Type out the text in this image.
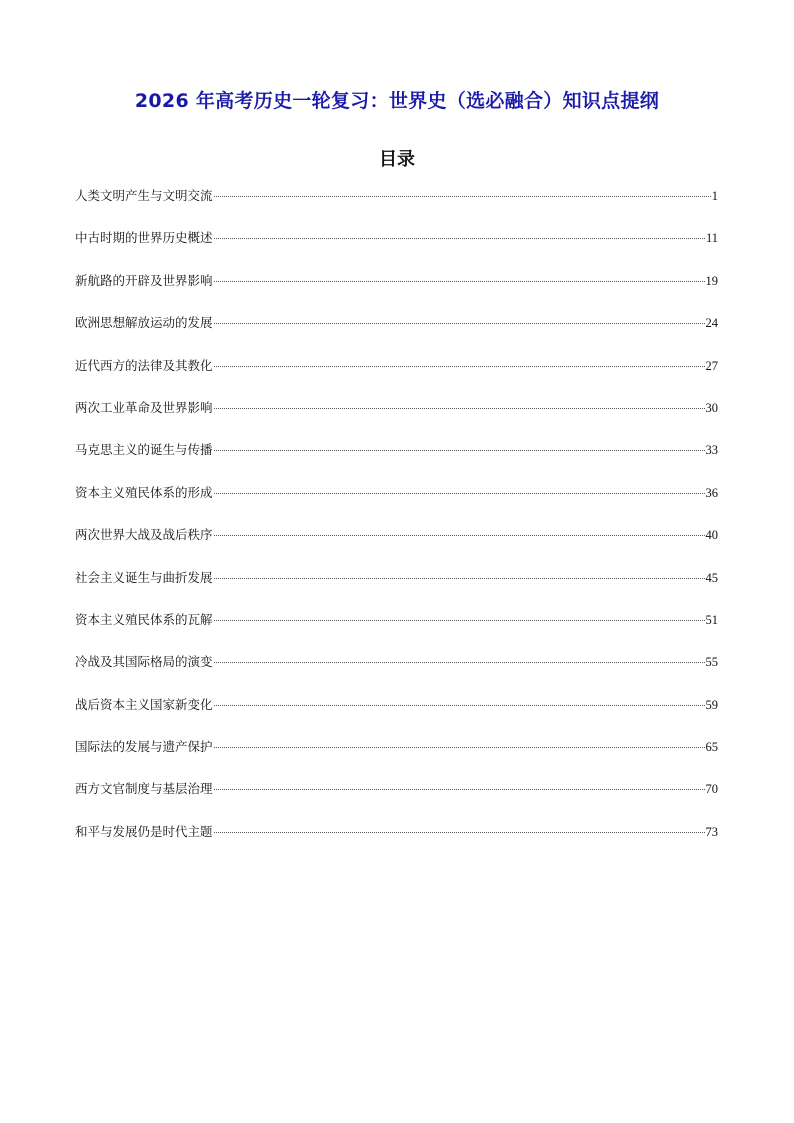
2026 年高考历史一轮复习：世界史（选必融合）知识点提纲
目录
人类文明产生与文明交流	1
中古时期的世界历史概述	11
新航路的开辟及世界影响	19
欧洲思想解放运动的发展	24
近代西方的法律及其教化	27
两次工业革命及世界影响	30
马克思主义的诞生与传播	33
资本主义殖民体系的形成	36
两次世界大战及战后秩序	40
社会主义诞生与曲折发展	45
资本主义殖民体系的瓦解	51
冷战及其国际格局的演变	55
战后资本主义国家新变化	59
国际法的发展与遗产保护	65
西方文官制度与基层治理	70
和平与发展仍是时代主题	73
